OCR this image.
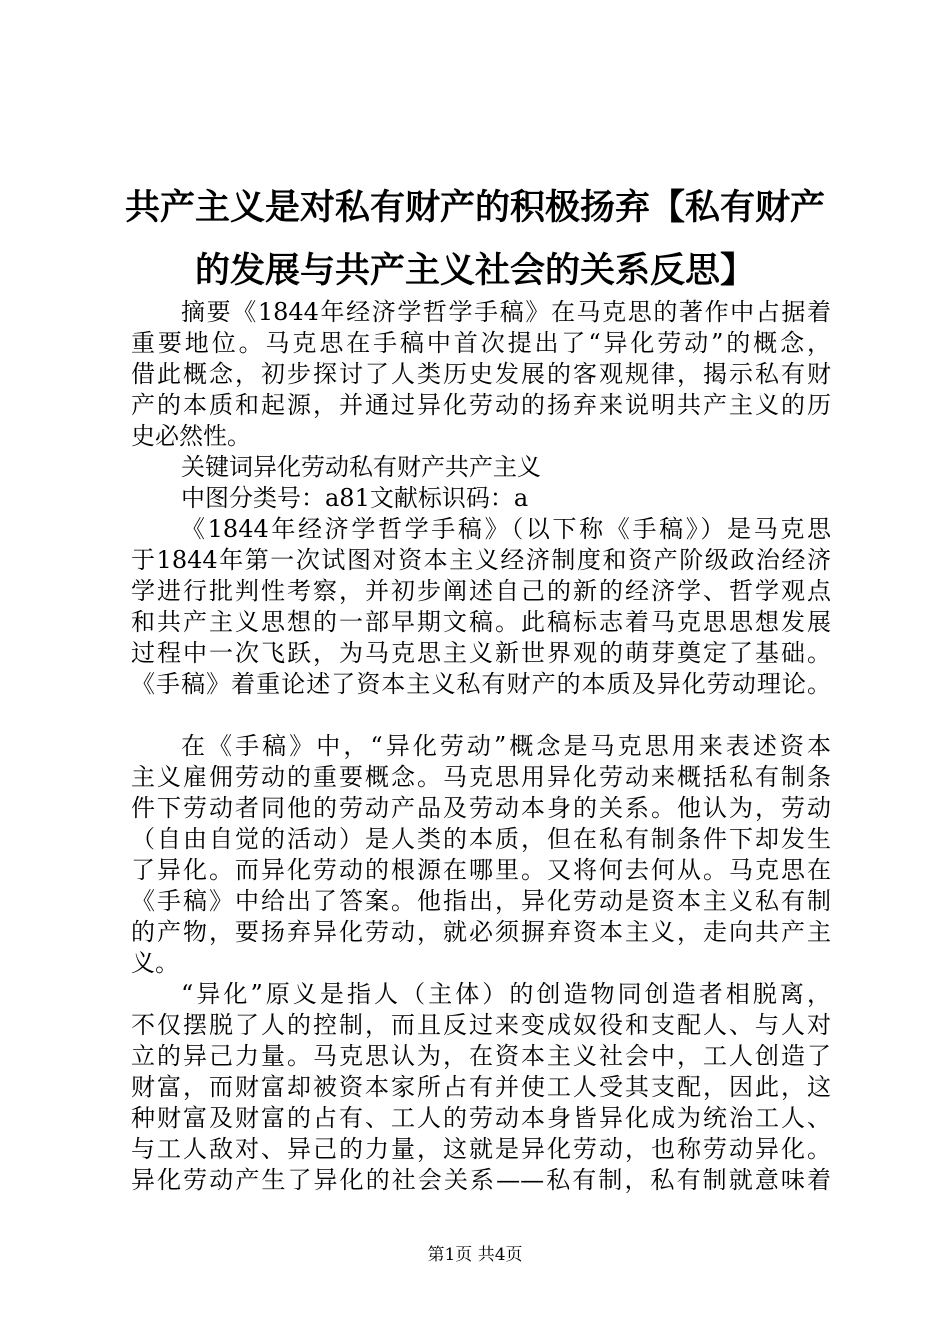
共产主义是对私有财产的积极扬弃【私有财产
的发展与共产主义社会的关系反思】
摘要《1844年经济学哲学手稿》在马克思的著作中占据着
重要地位。马克思在手稿中首次提出了“异化劳动”的概念，
借此概念，初步探讨了人类历史发展的客观规律，揭示私有财
产的本质和起源，并通过异化劳动的扬弃来说明共产主义的历
史必然性。
关键词异化劳动私有财产共产主义
中图分类号：a81文献标识码：a
《1844年经济学哲学手稿》（以下称《手稿》）是马克思
于1844年第一次试图对资本主义经济制度和资产阶级政治经济
学进行批判性考察，并初步阐述自己的新的经济学、哲学观点
和共产主义思想的一部早期文稿。此稿标志着马克思思想发展
过程中一次飞跃，为马克思主义新世界观的萌芽奠定了基础。
《手稿》着重论述了资本主义私有财产的本质及异化劳动理论。
在《手稿》中，“异化劳动”概念是马克思用来表述资本
主义雇佣劳动的重要概念。马克思用异化劳动来概括私有制条
件下劳动者同他的劳动产品及劳动本身的关系。他认为，劳动
（自由自觉的活动）是人类的本质，但在私有制条件下却发生
了异化。而异化劳动的根源在哪里。又将何去何从。马克思在
《手稿》中给出了答案。他指出，异化劳动是资本主义私有制
的产物，要扬弃异化劳动，就必须摒弃资本主义，走向共产主
义。
“异化”原义是指人（主体）的创造物同创造者相脱离，
不仅摆脱了人的控制，而且反过来变成奴役和支配人、与人对
立的异己力量。马克思认为，在资本主义社会中，工人创造了
财富，而财富却被资本家所占有并使工人受其支配，因此，这
种财富及财富的占有、工人的劳动本身皆异化成为统治工人、
与工人敌对、异己的力量，这就是异化劳动，也称劳动异化。
异化劳动产生了异化的社会关系——私有制，私有制就意味着
第1页 共4页
